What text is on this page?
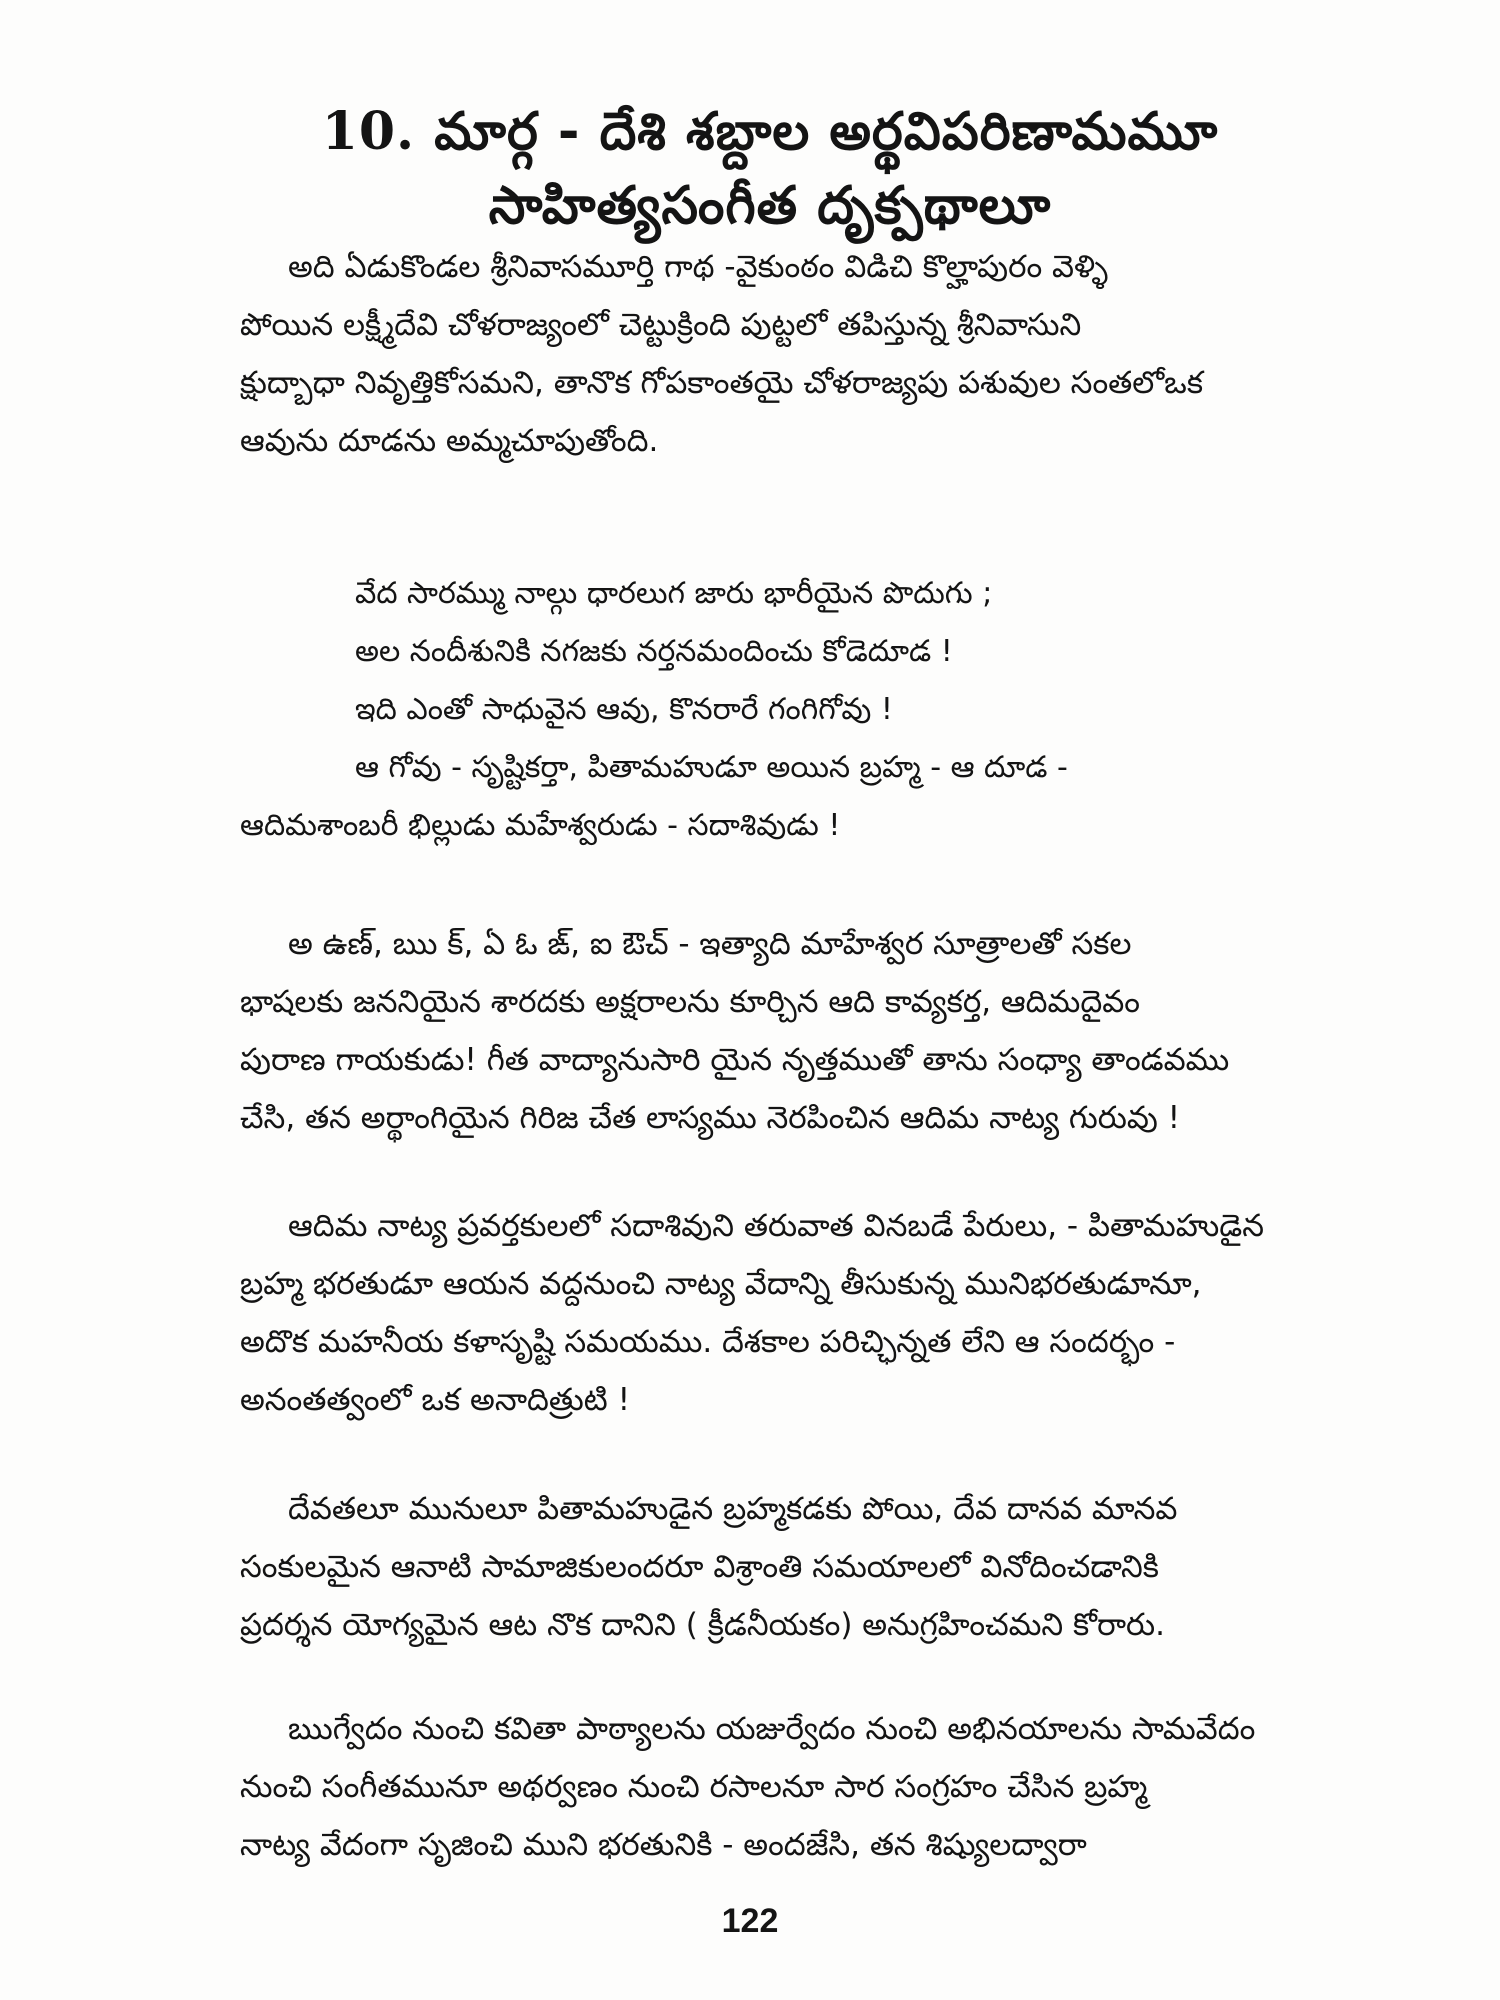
10. మార్గ - దేశి శబ్దాల అర్థవిపరిణామమూ
సాహిత్యసంగీత దృక్పథాలూ
అది ఏడుకొండల శ్రీనివాసమూర్తి గాథ -వైకుంఠం విడిచి కొల్హాపురం వెళ్ళి
పోయిన లక్ష్మీదేవి చోళరాజ్యంలో చెట్టుక్రింది పుట్టలో తపిస్తున్న శ్రీనివాసుని
క్షుద్బాధా నివృత్తికోసమని, తానొక గోపకాంతయై చోళరాజ్యపు పశువుల సంతలోఒక
ఆవును దూడను అమ్మచూపుతోంది.
వేద సారమ్ము నాల్గు ధారలుగ జారు భారీయైన పొదుగు ;
అల నందీశునికి నగజకు నర్తనమందించు కోడెదూడ !
ఇది ఎంతో సాధువైన ఆవు, కొనరారే గంగిగోవు !
ఆ గోవు - సృష్టికర్తా, పితామహుడూ అయిన బ్రహ్మ - ఆ దూడ -
ఆదిమశాంబరీ భిల్లుడు మహేశ్వరుడు - సదాశివుడు !
అ ఉణ్, ఋ క్, ఏ ఓ ఙ్, ఐ ఔచ్ - ఇత్యాది మాహేశ్వర సూత్రాలతో సకల
భాషలకు జననియైన శారదకు అక్షరాలను కూర్చిన ఆది కావ్యకర్త, ఆదిమదైవం
పురాణ గాయకుడు! గీత వాద్యానుసారి యైన నృత్తముతో తాను సంధ్యా తాండవము
చేసి, తన అర్థాంగియైన గిరిజ చేత లాస్యము నెరపించిన ఆదిమ నాట్య గురువు !
ఆదిమ నాట్య ప్రవర్తకులలో సదాశివుని తరువాత వినబడే పేరులు, - పితామహుడైన
బ్రహ్మ భరతుడూ ఆయన వద్దనుంచి నాట్య వేదాన్ని తీసుకున్న మునిభరతుడూనూ,
అదొక మహనీయ కళాసృష్టి సమయము. దేశకాల పరిచ్ఛిన్నత లేని ఆ సందర్భం -
అనంతత్వంలో ఒక అనాదిత్రుటి !
దేవతలూ మునులూ పితామహుడైన బ్రహ్మకడకు పోయి, దేవ దానవ మానవ
సంకులమైన ఆనాటి సామాజికులందరూ విశ్రాంతి సమయాలలో వినోదించడానికి
ప్రదర్శన యోగ్యమైన ఆట నొక దానిని ( క్రీడనీయకం) అనుగ్రహించమని కోరారు.
ఋగ్వేదం నుంచి కవితా పాఠ్యాలను యజుర్వేదం నుంచి అభినయాలను సామవేదం
నుంచి సంగీతమునూ అథర్వణం నుంచి రసాలనూ సార సంగ్రహం చేసిన బ్రహ్మ
నాట్య వేదంగా సృజించి ముని భరతునికి - అందజేసి, తన శిష్యులద్వారా
122
